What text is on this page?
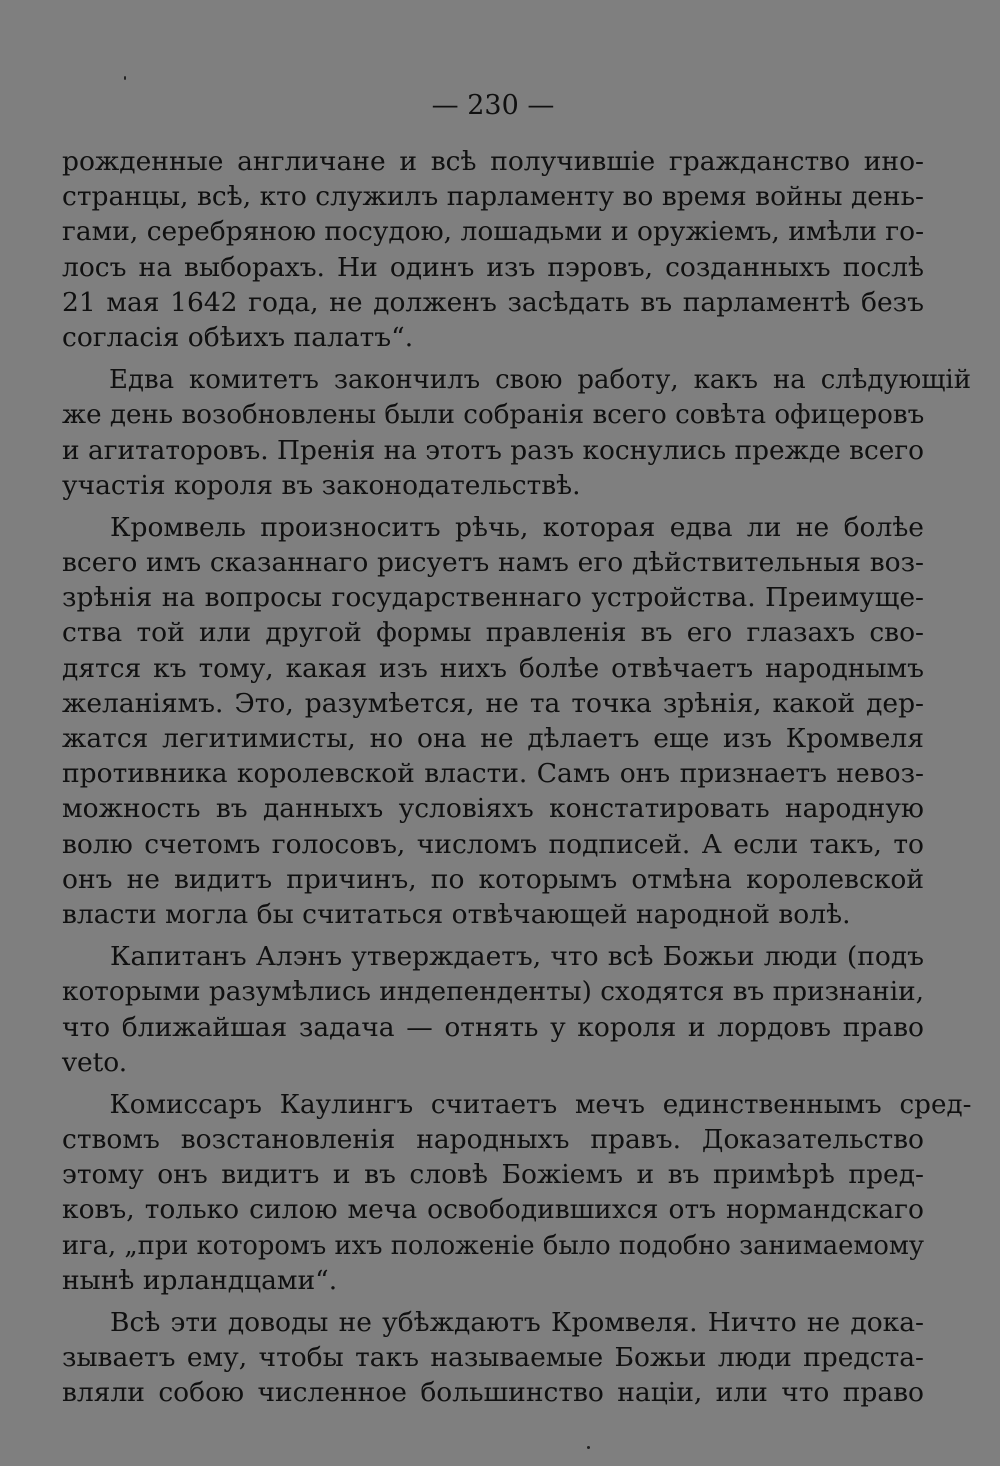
— 230 —
рожденные англичане и всѣ получившіе гражданство ино-
странцы, всѣ, кто служилъ парламенту во время войны день-
гами, серебряною посудою, лошадьми и оружіемъ, имѣли го-
лосъ на выборахъ. Ни одинъ изъ пэровъ, созданныхъ послѣ
21 мая 1642 года, не долженъ засѣдать въ парламентѣ безъ
согласія обѣихъ палатъ“.
Едва комитетъ закончилъ свою работу, какъ на слѣдующій
же день возобновлены были собранія всего совѣта офицеровъ
и агитаторовъ. Пренія на этотъ разъ коснулись прежде всего
участія короля въ законодательствѣ.
Кромвель произноситъ рѣчь, которая едва ли не болѣе
всего имъ сказаннаго рисуетъ намъ его дѣйствительныя воз-
зрѣнія на вопросы государственнаго устройства. Преимуще-
ства той или другой формы правленія въ его глазахъ сво-
дятся къ тому, какая изъ нихъ болѣе отвѣчаетъ народнымъ
желаніямъ. Это, разумѣется, не та точка зрѣнія, какой дер-
жатся легитимисты, но она не дѣлаетъ еще изъ Кромвеля
противника королевской власти. Самъ онъ признаетъ невоз-
можность въ данныхъ условіяхъ констатировать народную
волю счетомъ голосовъ, числомъ подписей. А если такъ, то
онъ не видитъ причинъ, по которымъ отмѣна королевской
власти могла бы считаться отвѣчающей народной волѣ.
Капитанъ Алэнъ утверждаетъ, что всѣ Божьи люди (подъ
которыми разумѣлись индепенденты) сходятся въ признаніи,
что ближайшая задача — отнять у короля и лордовъ право
veto.
Комиссаръ Каулингъ считаетъ мечъ единственнымъ сред-
ствомъ возстановленія народныхъ правъ. Доказательство
этому онъ видитъ и въ словѣ Божіемъ и въ примѣрѣ пред-
ковъ, только силою меча освободившихся отъ нормандскаго
ига, „при которомъ ихъ положеніе было подобно занимаемому
нынѣ ирландцами“.
Всѣ эти доводы не убѣждаютъ Кромвеля. Ничто не дока-
зываетъ ему, чтобы такъ называемые Божьи люди предста-
вляли собою численное большинство націи, или что право
